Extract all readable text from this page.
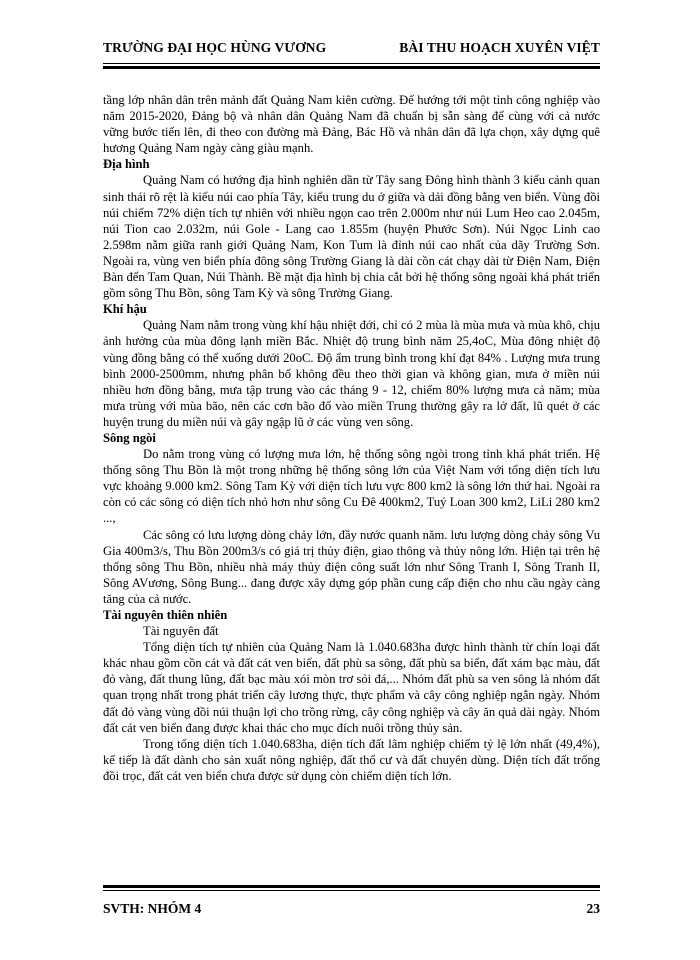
TRƯỜNG ĐẠI HỌC HÙNG VƯƠNG	BÀI THU HOẠCH XUYÊN VIỆT

tầng lớp nhân dân trên mảnh đất Quảng Nam kiên cường. Để hướng tới một tỉnh công nghiệp vào năm 2015-2020, Đảng bộ và nhân dân Quảng Nam đã chuẩn bị sẵn sàng để cùng với cả nước vững bước tiến lên, đi theo con đường mà Đảng, Bác Hồ và nhân dân đã lựa chọn, xây dựng quê hương Quảng Nam ngày càng giàu mạnh.

Địa hình

Quảng Nam có hướng địa hình nghiên dần từ Tây sang Đông hình thành 3 kiểu cảnh quan sinh thái rõ rệt là kiểu núi cao phía Tây, kiểu trung du ở giữa và dải đồng bằng ven biển. Vùng đồi núi chiếm 72% diện tích tự nhiên với nhiều ngọn cao trên 2.000m như núi Lum Heo cao 2.045m, núi Tion cao 2.032m, núi Gole - Lang cao 1.855m (huyện Phước Sơn). Núi Ngọc Linh cao 2.598m nằm giữa ranh giới Quảng Nam, Kon Tum là đỉnh núi cao nhất của dãy Trường Sơn. Ngoài ra, vùng ven biển phía đông sông Trường Giang là dài cồn cát chạy dài từ Điện Nam, Điện Bàn đến Tam Quan, Núi Thành. Bề mặt địa hình bị chia cắt bởi hệ thống sông ngoài khá phát triển gồm sông Thu Bồn, sông Tam Kỳ và sông Trường Giang.

Khí hậu

Quảng Nam nằm trong vùng khí hậu nhiệt đới, chỉ có 2 mùa là mùa mưa và mùa khô, chịu ảnh hưởng của mùa đông lạnh miền Bắc. Nhiệt độ trung bình năm 25,4oC, Mùa đông nhiệt độ vùng đồng bằng có thể xuống dưới 20oC. Độ ẩm trung bình trong khí đạt 84% . Lượng mưa trung bình 2000-2500mm, nhưng phân bố không đều theo thời gian và không gian, mưa ở miền núi nhiều hơn đồng bằng, mưa tập trung vào các tháng 9 - 12, chiếm 80% lượng mưa cả năm; mùa mưa trùng với mùa bão, nên các cơn bão đổ vào miền Trung thường gây ra lở đất, lũ quét ở các huyện trung du miền núi và gây ngập lũ ở các vùng ven sông.

Sông ngòi

Do nằm trong vùng có lượng mưa lớn, hệ thống sông ngòi trong tỉnh khá phát triển. Hệ thống sông Thu Bồn là một trong những hệ thống sông lớn của Việt Nam với tổng diện tích lưu vực khoảng 9.000 km2. Sông Tam Kỳ với diện tích lưu vực 800 km2 là sông lớn thứ hai. Ngoài ra còn có các sông có diện tích nhỏ hơn như sông Cu Đê 400km2, Tuý Loan 300 km2, LiLi 280 km2 ...,

Các sông có lưu lượng dòng chảy lớn, đầy nước quanh năm. lưu lượng dòng chảy sông Vu Gia 400m3/s, Thu Bồn 200m3/s có giá trị thủy điện, giao thông và thủy nông lớn. Hiện tại trên hệ thống sông Thu Bồn, nhiều nhà máy thủy điện công suất lớn như Sông Tranh I, Sông Tranh II, Sông AVương, Sông Bung... đang được xây dựng góp phần cung cấp điện cho nhu cầu ngày càng tăng của cả nước.

Tài nguyên thiên nhiên

Tài nguyên đất

Tổng diện tích tự nhiên của Quảng Nam là 1.040.683ha được hình thành từ chín loại đất khác nhau gồm cồn cát và đất cát ven biển, đất phù sa sông, đất phù sa biển, đất xám bạc màu, đất đỏ vàng, đất thung lũng, đất bạc màu xói mòn trơ sỏi đá,... Nhóm đất phù sa ven sông là nhóm đất quan trọng nhất trong phát triển cây lương thực, thực phẩm và cây công nghiệp ngắn ngày. Nhóm đất đỏ vàng vùng đồi núi thuận lợi cho trồng rừng, cây công nghiệp và cây ăn quả dài ngày. Nhóm đất cát ven biển đang được khai thác cho mục đích nuôi trồng thủy sản.

Trong tổng diện tích 1.040.683ha, diện tích đất lâm nghiệp chiếm tỷ lệ lớn nhất (49,4%), kế tiếp là đất dành cho sản xuất nông nghiệp, đất thổ cư và đất chuyên dùng. Diện tích đất trống đồi trọc, đất cát ven biển chưa được sử dụng còn chiếm diện tích lớn.

SVTH: NHÓM 4	23
